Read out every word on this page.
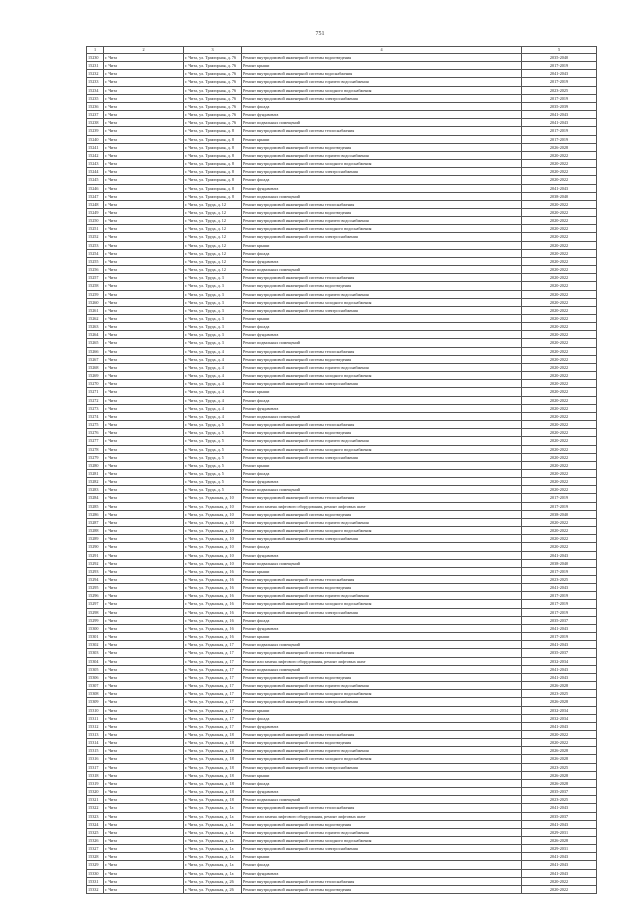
751
1	2	3	4	5
15230	г. Чита	г. Чита, ул. Тракторная, д. 76	Ремонт внутридомовой инженерной системы водоотведения	2035-2040
15231	г. Чита	г. Чита, ул. Тракторная, д. 76	Ремонт крыши	2017-2019
15232	г. Чита	г. Чита, ул. Тракторная, д. 76	Ремонт внутридомовой инженерной системы водоснабжения	2041-2043
15233	г. Чита	г. Чита, ул. Тракторная, д. 76	Ремонт внутридомовой инженерной системы горячего водоснабжения	2017-2019
15234	г. Чита	г. Чита, ул. Тракторная, д. 76	Ремонт внутридомовой инженерной системы холодного водоснабжения	2023-2025
15235	г. Чита	г. Чита, ул. Тракторная, д. 76	Ремонт внутридомовой инженерной системы электроснабжения	2017-2019
15236	г. Чита	г. Чита, ул. Тракторная, д. 76	Ремонт фасада	2035-2039
15237	г. Чита	г. Чита, ул. Тракторная, д. 76	Ремонт фундамента	2041-2043
15238	г. Чита	г. Чита, ул. Тракторная, д. 76	Ремонт подвальных помещений	2041-2043
15239	г. Чита	г. Чита, ул. Тракторная, д. 8	Ремонт внутридомовой инженерной системы теплоснабжения	2017-2019
15240	г. Чита	г. Чита, ул. Тракторная, д. 8	Ремонт крыши	2017-2019
15241	г. Чита	г. Чита, ул. Тракторная, д. 8	Ремонт внутридомовой инженерной системы водоотведения	2026-2028
15242	г. Чита	г. Чита, ул. Тракторная, д. 8	Ремонт внутридомовой инженерной системы горячего водоснабжения	2020-2022
15243	г. Чита	г. Чита, ул. Тракторная, д. 8	Ремонт внутридомовой инженерной системы холодного водоснабжения	2020-2022
15244	г. Чита	г. Чита, ул. Тракторная, д. 8	Ремонт внутридомовой инженерной системы электроснабжения	2020-2022
15245	г. Чита	г. Чита, ул. Тракторная, д. 8	Ремонт фасада	2020-2022
15246	г. Чита	г. Чита, ул. Тракторная, д. 8	Ремонт фундамента	2041-2043
15247	г. Чита	г. Чита, ул. Тракторная, д. 8	Ремонт подвальных помещений	2038-2040
15248	г. Чита	г. Чита, ул. Труда, д. 12	Ремонт внутридомовой инженерной системы теплоснабжения	2020-2022
15249	г. Чита	г. Чита, ул. Труда, д. 12	Ремонт внутридомовой инженерной системы водоотведения	2020-2022
15250	г. Чита	г. Чита, ул. Труда, д. 12	Ремонт внутридомовой инженерной системы горячего водоснабжения	2020-2022
15251	г. Чита	г. Чита, ул. Труда, д. 12	Ремонт внутридомовой инженерной системы холодного водоснабжения	2020-2022
15252	г. Чита	г. Чита, ул. Труда, д. 12	Ремонт внутридомовой инженерной системы электроснабжения	2020-2022
15253	г. Чита	г. Чита, ул. Труда, д. 12	Ремонт крыши	2020-2022
15254	г. Чита	г. Чита, ул. Труда, д. 12	Ремонт фасада	2020-2022
15255	г. Чита	г. Чита, ул. Труда, д. 12	Ремонт фундамента	2020-2022
15256	г. Чита	г. Чита, ул. Труда, д. 12	Ремонт подвальных помещений	2020-2022
15257	г. Чита	г. Чита, ул. Труда, д. 3	Ремонт внутридомовой инженерной системы теплоснабжения	2020-2022
15258	г. Чита	г. Чита, ул. Труда, д. 3	Ремонт внутридомовой инженерной системы водоотведения	2020-2022
15259	г. Чита	г. Чита, ул. Труда, д. 3	Ремонт внутридомовой инженерной системы горячего водоснабжения	2020-2022
15260	г. Чита	г. Чита, ул. Труда, д. 3	Ремонт внутридомовой инженерной системы холодного водоснабжения	2020-2022
15261	г. Чита	г. Чита, ул. Труда, д. 3	Ремонт внутридомовой инженерной системы электроснабжения	2020-2022
15262	г. Чита	г. Чита, ул. Труда, д. 3	Ремонт крыши	2020-2022
15263	г. Чита	г. Чита, ул. Труда, д. 3	Ремонт фасада	2020-2022
15264	г. Чита	г. Чита, ул. Труда, д. 3	Ремонт фундамента	2020-2022
15265	г. Чита	г. Чита, ул. Труда, д. 3	Ремонт подвальных помещений	2020-2022
15266	г. Чита	г. Чита, ул. Труда, д. 4	Ремонт внутридомовой инженерной системы теплоснабжения	2020-2022
15267	г. Чита	г. Чита, ул. Труда, д. 4	Ремонт внутридомовой инженерной системы водоотведения	2020-2022
15268	г. Чита	г. Чита, ул. Труда, д. 4	Ремонт внутридомовой инженерной системы горячего водоснабжения	2020-2022
15269	г. Чита	г. Чита, ул. Труда, д. 4	Ремонт внутридомовой инженерной системы холодного водоснабжения	2020-2022
15270	г. Чита	г. Чита, ул. Труда, д. 4	Ремонт внутридомовой инженерной системы электроснабжения	2020-2022
15271	г. Чита	г. Чита, ул. Труда, д. 4	Ремонт крыши	2020-2022
15272	г. Чита	г. Чита, ул. Труда, д. 4	Ремонт фасада	2020-2022
15273	г. Чита	г. Чита, ул. Труда, д. 4	Ремонт фундамента	2020-2022
15274	г. Чита	г. Чита, ул. Труда, д. 4	Ремонт подвальных помещений	2020-2022
15275	г. Чита	г. Чита, ул. Труда, д. 5	Ремонт внутридомовой инженерной системы теплоснабжения	2020-2022
15276	г. Чита	г. Чита, ул. Труда, д. 5	Ремонт внутридомовой инженерной системы водоотведения	2020-2022
15277	г. Чита	г. Чита, ул. Труда, д. 5	Ремонт внутридомовой инженерной системы горячего водоснабжения	2020-2022
15278	г. Чита	г. Чита, ул. Труда, д. 5	Ремонт внутридомовой инженерной системы холодного водоснабжения	2020-2022
15279	г. Чита	г. Чита, ул. Труда, д. 5	Ремонт внутридомовой инженерной системы электроснабжения	2020-2022
15280	г. Чита	г. Чита, ул. Труда, д. 5	Ремонт крыши	2020-2022
15281	г. Чита	г. Чита, ул. Труда, д. 5	Ремонт фасада	2020-2022
15282	г. Чита	г. Чита, ул. Труда, д. 5	Ремонт фундамента	2020-2022
15283	г. Чита	г. Чита, ул. Труда, д. 5	Ремонт подвальных помещений	2020-2022
15284	г. Чита	г. Чита, ул. Угданская, д. 10	Ремонт внутридомовой инженерной системы теплоснабжения	2017-2019
15285	г. Чита	г. Чита, ул. Угданская, д. 10	Ремонт или замена лифтового оборудования, ремонт лифтовых шахт	2017-2019
15286	г. Чита	г. Чита, ул. Угданская, д. 10	Ремонт внутридомовой инженерной системы водоотведения	2038-2040
15287	г. Чита	г. Чита, ул. Угданская, д. 10	Ремонт внутридомовой инженерной системы горячего водоснабжения	2020-2022
15288	г. Чита	г. Чита, ул. Угданская, д. 10	Ремонт внутридомовой инженерной системы холодного водоснабжения	2020-2022
15289	г. Чита	г. Чита, ул. Угданская, д. 10	Ремонт внутридомовой инженерной системы электроснабжения	2020-2022
15290	г. Чита	г. Чита, ул. Угданская, д. 10	Ремонт фасада	2020-2022
15291	г. Чита	г. Чита, ул. Угданская, д. 10	Ремонт фундамента	2041-2043
15292	г. Чита	г. Чита, ул. Угданская, д. 10	Ремонт подвальных помещений	2038-2040
15293	г. Чита	г. Чита, ул. Угданская, д. 16	Ремонт крыши	2017-2019
15294	г. Чита	г. Чита, ул. Угданская, д. 16	Ремонт внутридомовой инженерной системы теплоснабжения	2023-2025
15295	г. Чита	г. Чита, ул. Угданская, д. 16	Ремонт внутридомовой инженерной системы водоотведения	2041-2043
15296	г. Чита	г. Чита, ул. Угданская, д. 16	Ремонт внутридомовой инженерной системы горячего водоснабжения	2017-2019
15297	г. Чита	г. Чита, ул. Угданская, д. 16	Ремонт внутридомовой инженерной системы холодного водоснабжения	2017-2019
15298	г. Чита	г. Чита, ул. Угданская, д. 16	Ремонт внутридомовой инженерной системы электроснабжения	2017-2019
15299	г. Чита	г. Чита, ул. Угданская, д. 16	Ремонт фасада	2035-2037
15300	г. Чита	г. Чита, ул. Угданская, д. 16	Ремонт фундамента	2041-2043
15301	г. Чита	г. Чита, ул. Угданская, д. 16	Ремонт крыши	2017-2019
15302	г. Чита	г. Чита, ул. Угданская, д. 17	Ремонт подвальных помещений	2041-2043
15303	г. Чита	г. Чита, ул. Угданская, д. 17	Ремонт внутридомовой инженерной системы теплоснабжения	2035-2037
15304	г. Чита	г. Чита, ул. Угданская, д. 17	Ремонт или замена лифтового оборудования, ремонт лифтовых шахт	2032-2034
15305	г. Чита	г. Чита, ул. Угданская, д. 17	Ремонт подвальных помещений	2041-2043
15306	г. Чита	г. Чита, ул. Угданская, д. 17	Ремонт внутридомовой инженерной системы водоотведения	2041-2043
15307	г. Чита	г. Чита, ул. Угданская, д. 17	Ремонт внутридомовой инженерной системы горячего водоснабжения	2026-2028
15308	г. Чита	г. Чита, ул. Угданская, д. 17	Ремонт внутридомовой инженерной системы холодного водоснабжения	2023-2025
15309	г. Чита	г. Чита, ул. Угданская, д. 17	Ремонт внутридомовой инженерной системы электроснабжения	2026-2028
15310	г. Чита	г. Чита, ул. Угданская, д. 17	Ремонт крыши	2032-2034
15311	г. Чита	г. Чита, ул. Угданская, д. 17	Ремонт фасада	2032-2034
15312	г. Чита	г. Чита, ул. Угданская, д. 17	Ремонт фундамента	2041-2043
15313	г. Чита	г. Чита, ул. Угданская, д. 18	Ремонт внутридомовой инженерной системы теплоснабжения	2020-2022
15314	г. Чита	г. Чита, ул. Угданская, д. 18	Ремонт внутридомовой инженерной системы водоотведения	2020-2022
15315	г. Чита	г. Чита, ул. Угданская, д. 18	Ремонт внутридомовой инженерной системы горячего водоснабжения	2026-2028
15316	г. Чита	г. Чита, ул. Угданская, д. 18	Ремонт внутридомовой инженерной системы холодного водоснабжения	2026-2028
15317	г. Чита	г. Чита, ул. Угданская, д. 18	Ремонт внутридомовой инженерной системы электроснабжения	2023-2025
15318	г. Чита	г. Чита, ул. Угданская, д. 18	Ремонт крыши	2026-2028
15319	г. Чита	г. Чита, ул. Угданская, д. 18	Ремонт фасада	2026-2028
15320	г. Чита	г. Чита, ул. Угданская, д. 18	Ремонт фундамента	2035-2037
15321	г. Чита	г. Чита, ул. Угданская, д. 18	Ремонт подвальных помещений	2023-2025
15322	г. Чита	г. Чита, ул. Угданская, д. 1а	Ремонт внутридомовой инженерной системы теплоснабжения	2041-2043
15323	г. Чита	г. Чита, ул. Угданская, д. 1а	Ремонт или замена лифтового оборудования, ремонт лифтовых шахт	2035-2037
15324	г. Чита	г. Чита, ул. Угданская, д. 1а	Ремонт внутридомовой инженерной системы водоотведения	2041-2043
15325	г. Чита	г. Чита, ул. Угданская, д. 1а	Ремонт внутридомовой инженерной системы горячего водоснабжения	2029-2031
15326	г. Чита	г. Чита, ул. Угданская, д. 1а	Ремонт внутридомовой инженерной системы холодного водоснабжения	2026-2028
15327	г. Чита	г. Чита, ул. Угданская, д. 1а	Ремонт внутридомовой инженерной системы электроснабжения	2029-2031
15328	г. Чита	г. Чита, ул. Угданская, д. 1а	Ремонт крыши	2041-2043
15329	г. Чита	г. Чита, ул. Угданская, д. 1а	Ремонт фасада	2041-2043
15330	г. Чита	г. Чита, ул. Угданская, д. 1а	Ремонт фундамента	2041-2043
15331	г. Чита	г. Чита, ул. Угданская, д. 26	Ремонт внутридомовой инженерной системы теплоснабжения	2020-2022
15332	г. Чита	г. Чита, ул. Угданская, д. 26	Ремонт внутридомовой инженерной системы водоотведения	2020-2022
